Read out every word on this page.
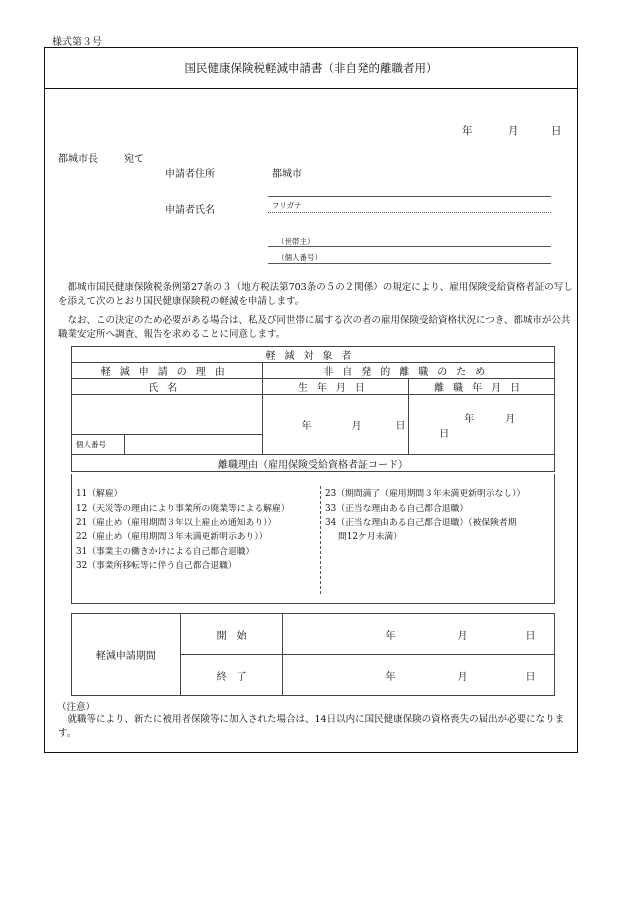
様式第３号
国民健康保険税軽減申請書（非自発的離職者用）
年	月	日
都城市長	宛て
申請者住所	都城市
申請者氏名	フリガナ
（世帯主）
（個人番号）
都城市国民健康保険税条例第27条の３（地方税法第703条の５の２関係）の規定により、雇用保険受給資格者証の写しを添えて次のとおり国民健康保険税の軽減を申請します。
なお、この決定のため必要がある場合は、私及び同世帯に属する次の者の雇用保険受給資格状況につき、都城市が公共職業安定所へ調査、報告を求めることに同意します。
軽減対象者			
軽減申請の理由		非自発的離職のため	
氏名		生年月日	離職年月日
		年 月 日	年 月日
個人番号			
離職理由（雇用保険受給資格者証コード）			
11（解雇）
12（天災等の理由により事業所の廃業等による解雇）
21（雇止め（雇用期間３年以上雇止め通知あり））
22（雇止め（雇用期間３年未満更新明示あり））
31（事業主の働きかけによる自己都合退職）
32（事業所移転等に伴う自己都合退職）
23（期間満了（雇用期間３年未満更新明示なし））
33（正当な理由ある自己都合退職）
34（正当な理由ある自己都合退職）（被保険者期
間12ケ月未満）
軽減申請期間	開　始	年 月 日
	終　了	年 月 日
（注意）
就職等により、新たに被用者保険等に加入された場合は、14日以内に国民健康保険の資格喪失の届出が必要になります。
